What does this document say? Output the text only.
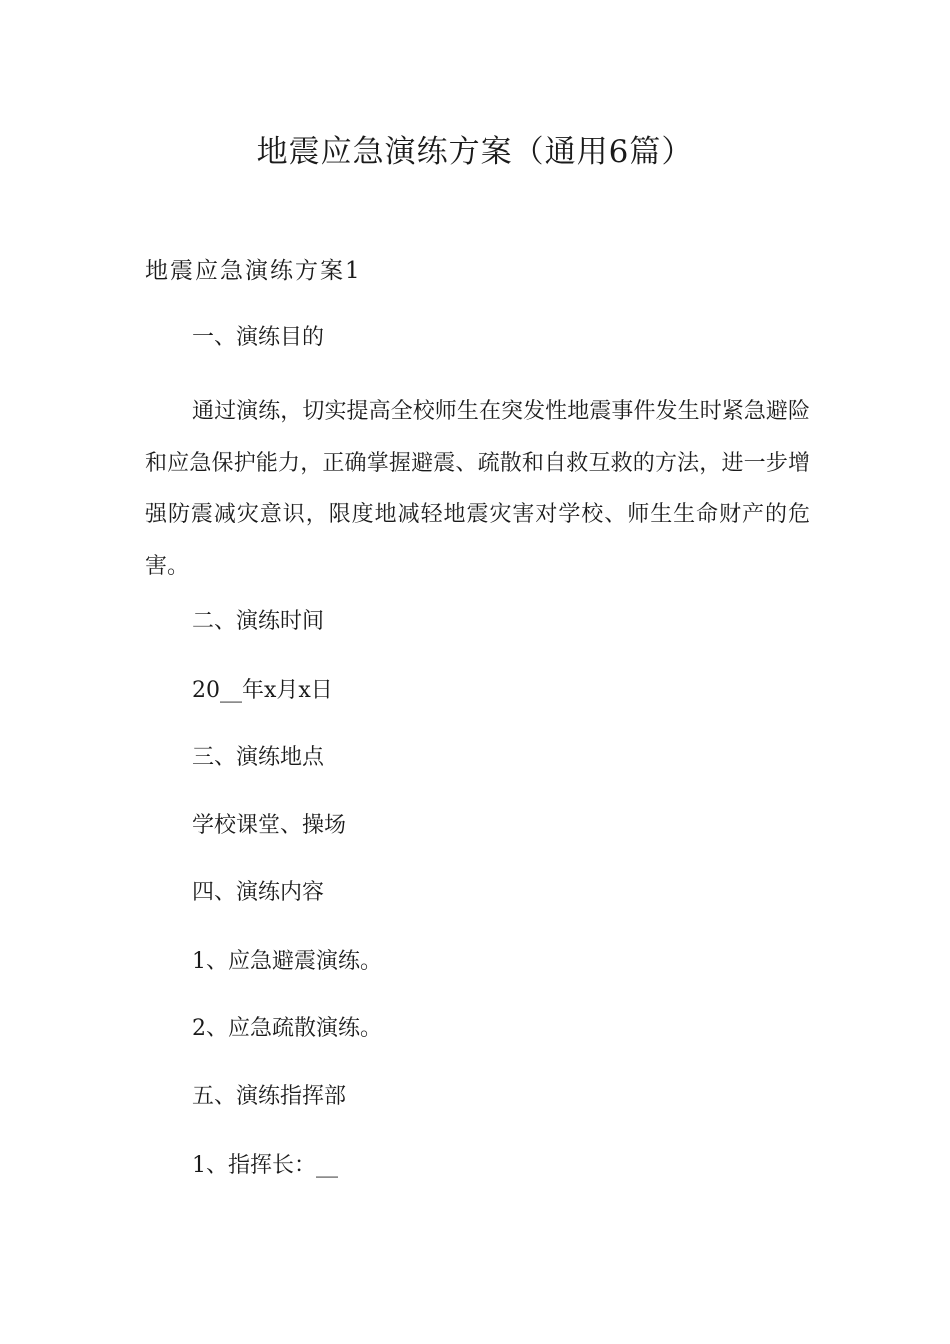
地震应急演练方案（通用6篇）
地震应急演练方案1

一、演练目的

通过演练，切实提高全校师生在突发性地震事件发生时紧急避险和应急保护能力，正确掌握避震、疏散和自救互救的方法，进一步增强防震减灾意识，限度地减轻地震灾害对学校、师生生命财产的危害。

二、演练时间

20__年x月x日

三、演练地点

学校课堂、操场

四、演练内容

1、应急避震演练。

2、应急疏散演练。

五、演练指挥部

1、指挥长：__
